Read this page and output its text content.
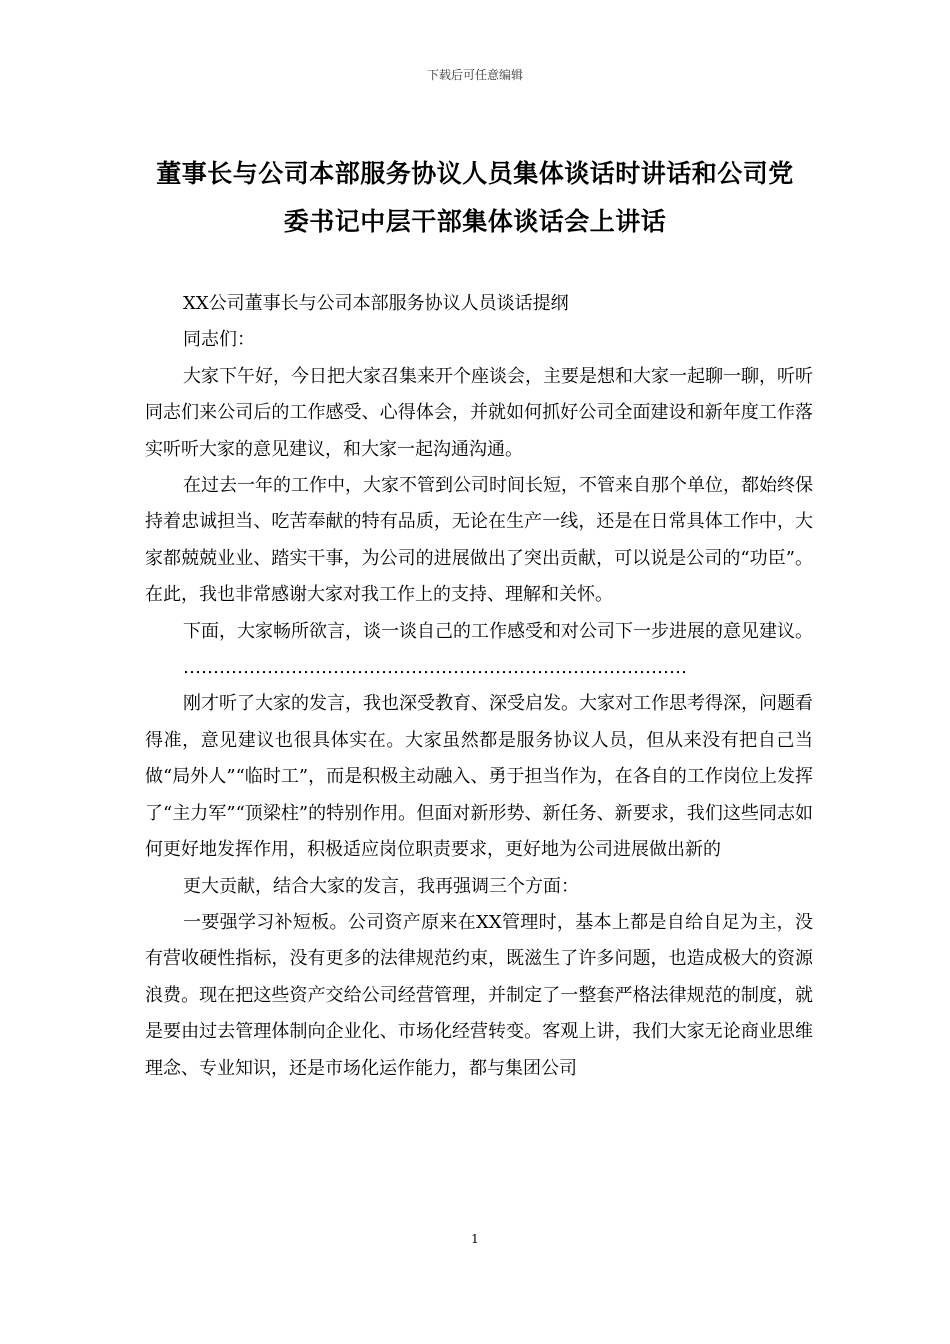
下载后可任意编辑
董事长与公司本部服务协议人员集体谈话时讲话和公司党
委书记中层干部集体谈话会上讲话

XX公司董事长与公司本部服务协议人员谈话提纲

同志们：

大家下午好，今日把大家召集来开个座谈会，主要是想和大家一起聊一聊，听听同志们来公司后的工作感受、心得体会，并就如何抓好公司全面建设和新年度工作落实听听大家的意见建议，和大家一起沟通沟通。

在过去一年的工作中，大家不管到公司时间长短，不管来自那个单位，都始终保持着忠诚担当、吃苦奉献的特有品质，无论在生产一线，还是在日常具体工作中，大家都兢兢业业、踏实干事，为公司的进展做出了突出贡献，可以说是公司的“功臣”。在此，我也非常感谢大家对我工作上的支持、理解和关怀。

下面，大家畅所欲言，谈一谈自己的工作感受和对公司下一步进展的意见建议。

…………………………………………………………………………

刚才听了大家的发言，我也深受教育、深受启发。大家对工作思考得深，问题看得准，意见建议也很具体实在。大家虽然都是服务协议人员，但从来没有把自己当做“局外人”“临时工”，而是积极主动融入、勇于担当作为，在各自的工作岗位上发挥了“主力军”“顶梁柱”的特别作用。但面对新形势、新任务、新要求，我们这些同志如何更好地发挥作用，积极适应岗位职责要求，更好地为公司进展做出新的

更大贡献，结合大家的发言，我再强调三个方面：

一要强学习补短板。公司资产原来在XX管理时，基本上都是自给自足为主，没有营收硬性指标，没有更多的法律规范约束，既滋生了许多问题，也造成极大的资源浪费。现在把这些资产交给公司经营管理，并制定了一整套严格法律规范的制度，就是要由过去管理体制向企业化、市场化经营转变。客观上讲，我们大家无论商业思维理念、专业知识，还是市场化运作能力，都与集团公司

1
